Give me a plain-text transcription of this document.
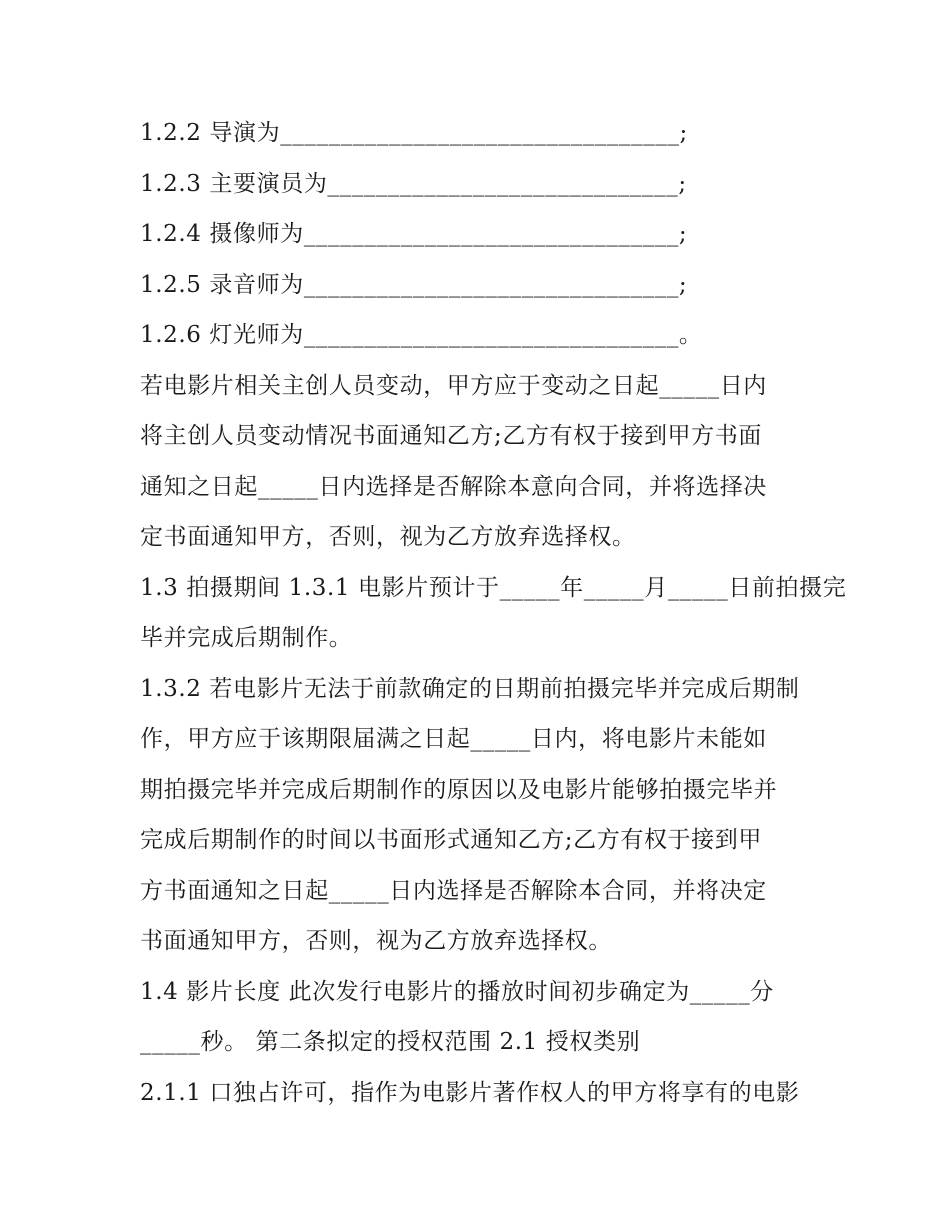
1.2.2 导演为_________________________________;
1.2.3 主要演员为_____________________________;
1.2.4 摄像师为_______________________________;
1.2.5 录音师为_______________________________;
1.2.6 灯光师为_______________________________。
若电影片相关主创人员变动，甲方应于变动之日起_____日内
将主创人员变动情况书面通知乙方;乙方有权于接到甲方书面
通知之日起_____日内选择是否解除本意向合同，并将选择决
定书面通知甲方，否则，视为乙方放弃选择权。
1.3 拍摄期间 1.3.1 电影片预计于_____年_____月_____日前拍摄完
毕并完成后期制作。
1.3.2 若电影片无法于前款确定的日期前拍摄完毕并完成后期制
作，甲方应于该期限届满之日起_____日内，将电影片未能如
期拍摄完毕并完成后期制作的原因以及电影片能够拍摄完毕并
完成后期制作的时间以书面形式通知乙方;乙方有权于接到甲
方书面通知之日起_____日内选择是否解除本合同，并将决定
书面通知甲方，否则，视为乙方放弃选择权。
1.4 影片长度 此次发行电影片的播放时间初步确定为_____分
_____秒。 第二条拟定的授权范围 2.1 授权类别
2.1.1 口独占许可，指作为电影片著作权人的甲方将享有的电影
